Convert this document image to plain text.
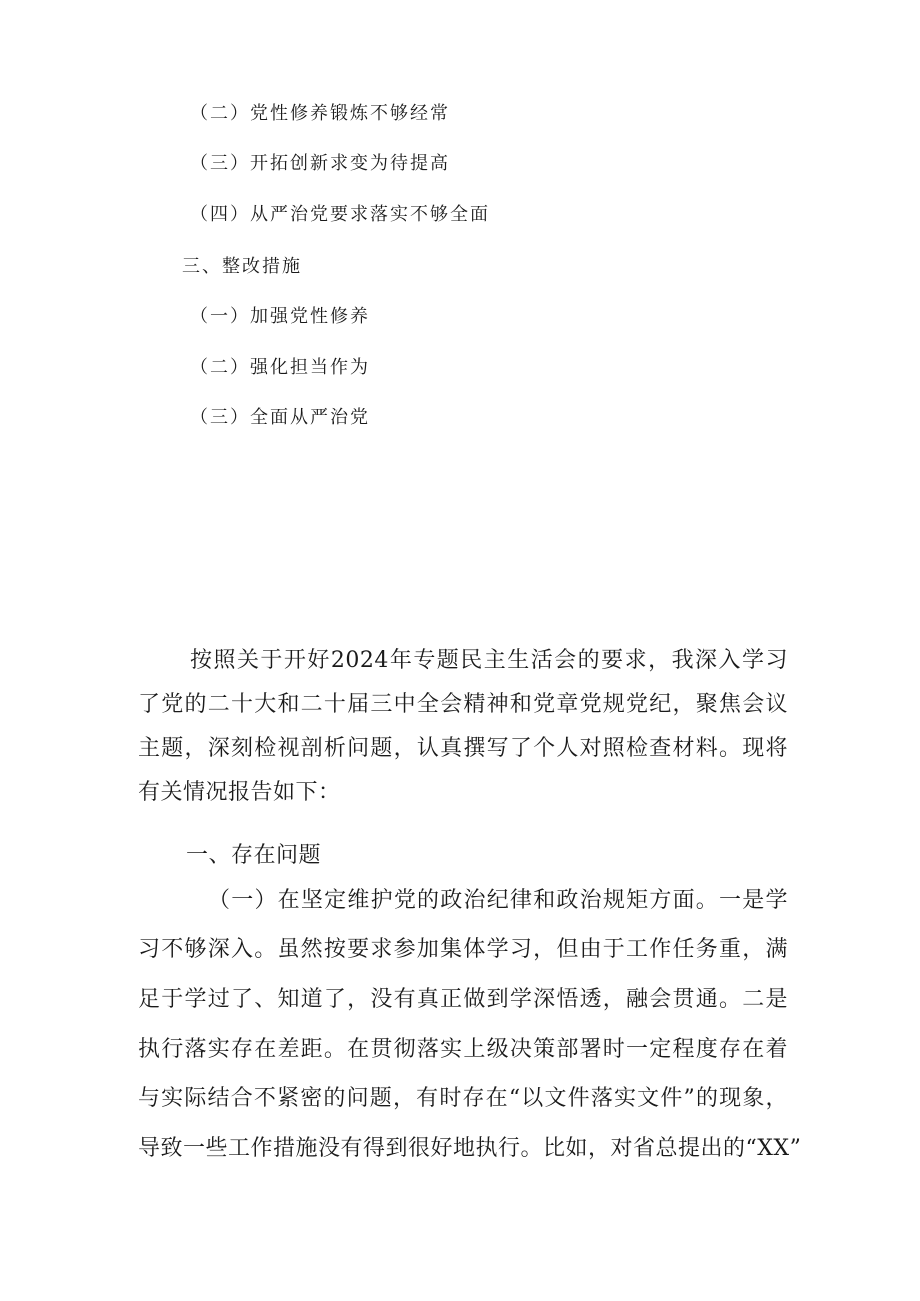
（二）党性修养锻炼不够经常
（三）开拓创新求变为待提高
（四）从严治党要求落实不够全面
三、整改措施
（一）加强党性修养
（二）强化担当作为
（三）全面从严治党
按照关于开好2024年专题民主生活会的要求，我深入学习
了党的二十大和二十届三中全会精神和党章党规党纪，聚焦会议
主题，深刻检视剖析问题，认真撰写了个人对照检查材料。现将
有关情况报告如下：
一、存在问题
（一）在坚定维护党的政治纪律和政治规矩方面。一是学
习不够深入。虽然按要求参加集体学习，但由于工作任务重，满
足于学过了、知道了，没有真正做到学深悟透，融会贯通。二是
执行落实存在差距。在贯彻落实上级决策部署时一定程度存在着
与实际结合不紧密的问题，有时存在“以文件落实文件”的现象，
导致一些工作措施没有得到很好地执行。比如，对省总提出的“XX”
